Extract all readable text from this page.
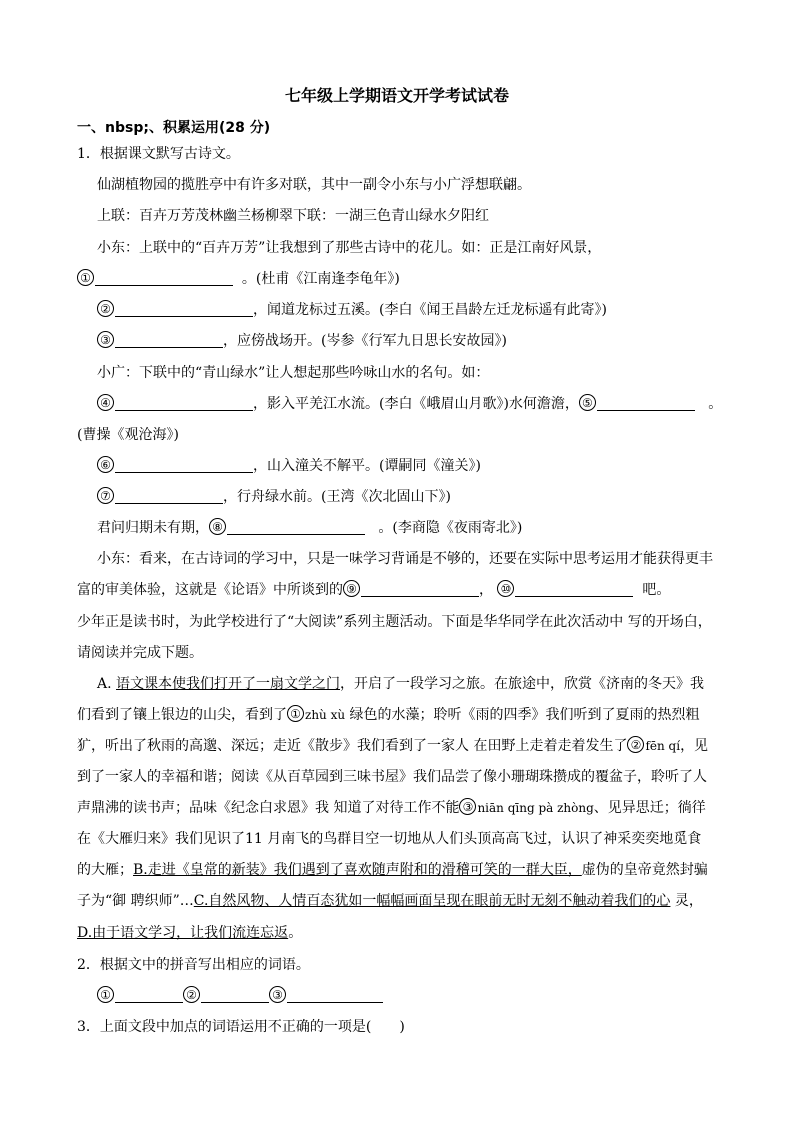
七年级上学期语文开学考试试卷
一、nbsp;、积累运用(28 分)
1．根据课文默写古诗文。
仙湖植物园的揽胜亭中有许多对联，其中一副令小东与小广浮想联翩。
上联：百卉万芳茂林幽兰杨柳翠下联：一湖三色青山绿水夕阳红
小东：上联中的“百卉万芳”让我想到了那些古诗中的花儿。如：正是江南好风景，
①	。(杜甫《江南逢李龟年》)
②	，闻道龙标过五溪。(李白《闻王昌龄左迁龙标遥有此寄》)
③	，应傍战场开。(岑参《行军九日思长安故园》)
小广：下联中的“青山绿水”让人想起那些吟咏山水的名句。如：
④	，影入平羌江水流。(李白《峨眉山月歌》)水何澹澹， ⑤	。
(曹操《观沧海》)
⑥	，山入潼关不解平。(谭嗣同《潼关》)
⑦	，行舟绿水前。(王湾《次北固山下》)
君问归期未有期， ⑧	。(李商隐《夜雨寄北》)
小东：看来，在古诗词的学习中，只是一味学习背诵是不够的，还要在实际中思考运用才能获得更丰
富的审美体验，这就是《论语》中所谈到的 ⑨	， ⑩	吧。
少年正是读书时，为此学校进行了“大阅读”系列主题活动。下面是华华同学在此次活动中 写的开场白，
请阅读并完成下题。
A. 语文课本使我们打开了一扇文学之门，开启了一段学习之旅。在旅途中，欣赏《济南的冬天》我
们看到了镶上银边的山尖，看到了 ① zhù xù 绿色的水藻；聆听《雨的四季》我们听到了夏雨的热烈粗
犷，听出了秋雨的高邈、深远；走近《散步》我们看到了一家人 在田野上走着走着发生了 ② fēn qí，见
到了一家人的幸福和谐；阅读《从百草园到三味书屋》我们品尝了像小珊瑚珠攒成的覆盆子，聆听了人
声鼎沸的读书声；品味《纪念白求恩》我 知道了对待工作不能 ③ niān qīng pà zhòng、见异思迁；徜徉
在《大雁归来》我们见识了11 月南飞的鸟群目空一切地从人们头顶高高飞过，认识了神采奕奕地觅食
的大雁；B.走进《皇常的新装》我们遇到了喜欢随声附和的滑稽可笑的一群大臣，虚伪的皇帝竟然封骗
子为“御 聘织师”…C.自然风物、人情百态犹如一幅幅画面呈现在眼前无时无刻不触动着我们的心 灵，
D.由于语文学习，让我们流连忘返。
2．根据文中的拼音写出相应的词语。
①	②	③
3．上面文段中加点的词语运用不正确的一项是( )
